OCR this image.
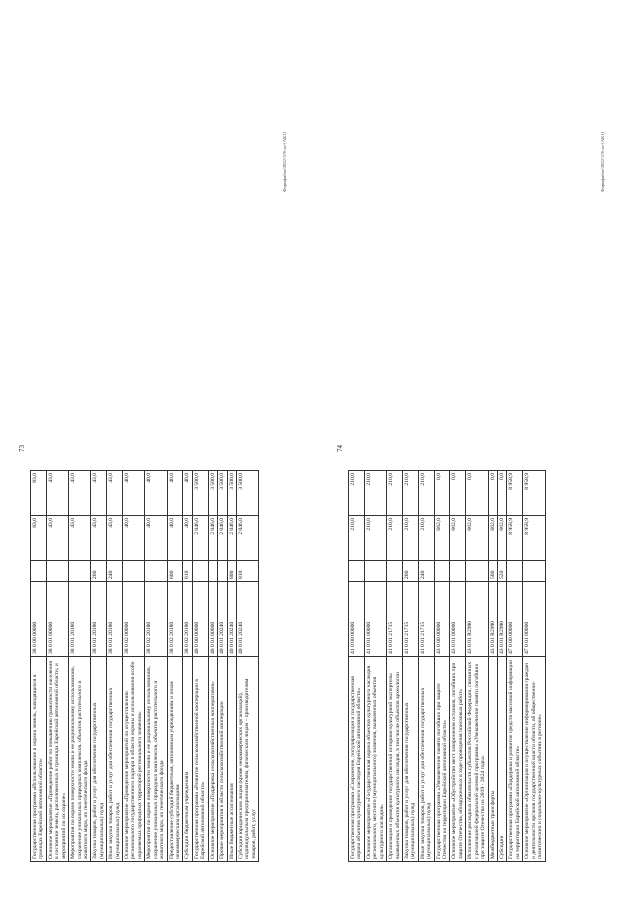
73
Государственная программа «Использование и охрана земель, находящихся в границах Еврейской автономной области»	38 0 00 00000		83,0	83,0
Основное мероприятие «Проведение работ по повышению грамотности населения в состоянии земель, расположенных в границах Еврейской автономной области, и мероприятий по их охране»	38 0 01 00000		43,0	43,0
Мероприятия по охране поверхности земли и ее рациональному использованию, сохранение уникальных природных комплексов, объектов растительного и животного мира, их генетического фонда	38 0 01 20180		43,0	43,0
Закупка товаров, работ и услуг для обеспечения государственных (муниципальных) нужд	38 0 01 20180	200	43,0	43,0
Иные закупки товаров, работ и услуг для обеспечения государственных (муниципальных) нужд	38 0 01 20180	240	43,0	43,0
Основное мероприятие «Проведение мероприятий по осуществлению регионального государственного надзора в области охраны и использования особо охраняемых природных территорий регионального значения»	38 0 02 00000		40,0	40,0
Мероприятия по охране поверхности земли и ее рациональному использованию, сохранение уникальных природных комплексов, объектов растительного и животного мира, их генетического фонда	38 0 02 20180		40,0	40,0
Предоставление субсидий бюджетным, автономным учреждениям и иным некоммерческим организациям	38 0 02 20180	600	40,0	40,0
Субсидии бюджетным учреждениям	38 0 02 20180	610	40,0	40,0
Государственная программа «Развитие сельскохозяйственной кооперации в Еврейской автономной области»	40 0 00 00000		2 046,0	3 500,0
Основное мероприятие «Поддержка сельскохозяйственных кооперативов»	40 0 01 00000		2 046,0	3 500,0
Прочие мероприятия в области сельскохозяйственной кооперации	40 0 01 20240		2 046,0	3 500,0
Иные бюджетные ассигнования	40 0 01 20240	800	2 046,0	3 500,0
Субсидии юридическим лицам (кроме некоммерческих организаций), индивидуальным предпринимателям, физическим лицам – производителям товаров, работ, услуг	40 0 01 20240	810	2 046,0	3 500,0
Фоpмфиблт/2022-576-av-[АК1]
74
Государственная программа «Сохранение, популяризация и государственная охрана объектов культурного наследия Еврейской автономной области»	41 0 00 00000		210,0	210,0
Основное мероприятие «Государственная охрана объектов культурного наследия регионального, местного (муниципального) значения, выявленных объектов культурного наследия»	41 0 01 00000		210,0	210,0
Организация и проведение государственной историко-культурной экспертизы выявленных объектов культурного наследия, в том числе объектов археологии	41 0 01 21715		210,0	210,0
Закупка товаров, работ и услуг для обеспечения государственных (муниципальных) нужд	41 0 01 21715	200	210,0	210,0
Иные закупки товаров, работ и услуг для обеспечения государственных (муниципальных) нужд	41 0 01 21715	240	210,0	210,0
Государственная программа «Увековечение памяти погибших при защите Отечества на территории Еврейской автономной области»	43 0 00 00000		662,0	0,0
Основное мероприятие «Обустройство мест захоронения останков, погибших при защите Отечества, обнаруженных в ходе проведения поисковых работ»	43 0 01 00000		662,0	0,0
Исполнение расходных обязательств субъектов Российской Федерации, связанных с реализацией федеральной целевой программы «Увековечение памяти погибших при защите Отечества на 2019 - 2024 годы»	43 0 01 R2990		662,0	0,0
Межбюджетные трансферты	43 0 01 R2990	500	662,0	0,0
Субсидии	43 0 01 R2990	520	662,0	0,0
Государственная программа «Поддержка и развитие средств массовой информации на территории Еврейской автономной области»	47 0 00 00000		8 958,9	8 958,9
Основное мероприятие «Организация и осуществление информирования граждан о деятельности органов государственной власти области, об общественно-политических и социально-культурных событиях в регионе»	47 0 01 00000		8 958,9	8 958,9
Фоpмфиблт/2022-576-av-[АК1]
